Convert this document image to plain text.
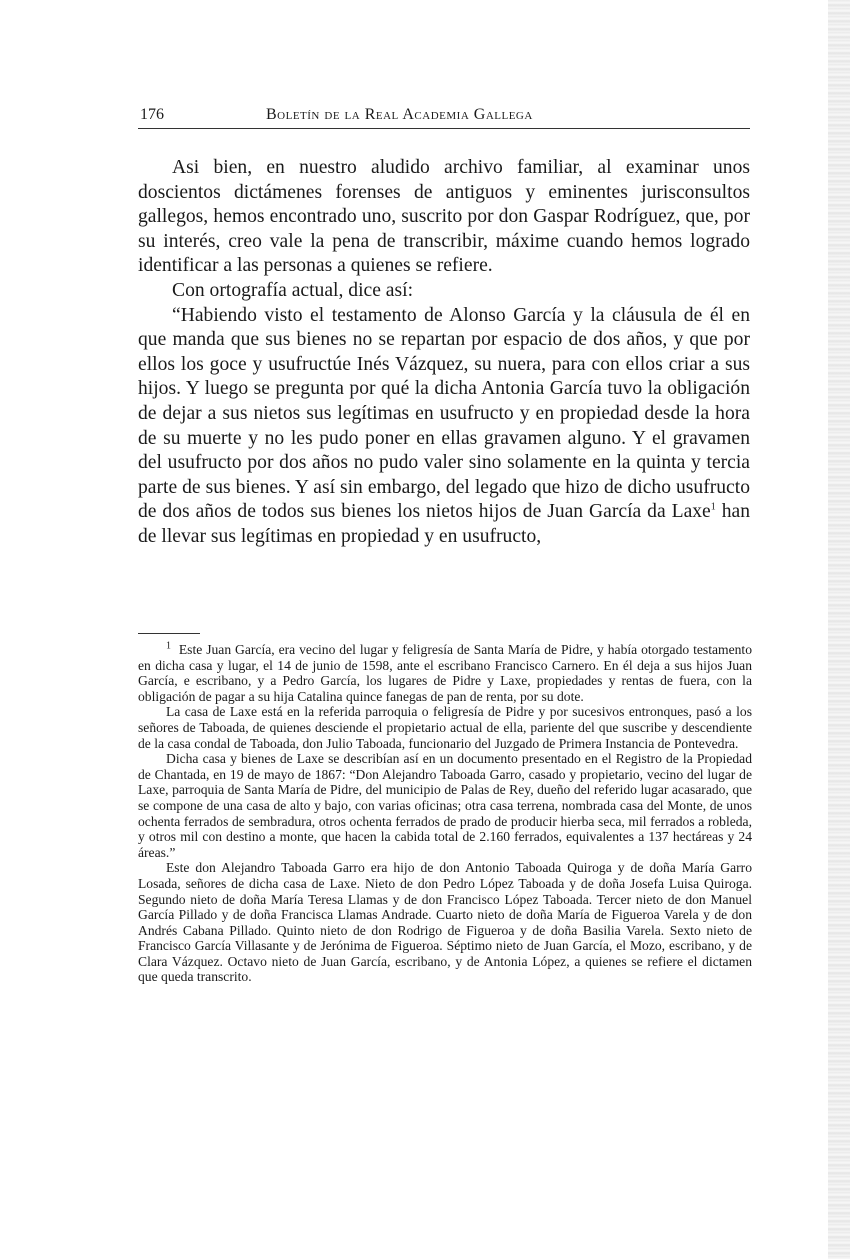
176	Boletín de la Real Academia Gallega

Asi bien, en nuestro aludido archivo familiar, al examinar unos doscientos dictámenes forenses de antiguos y eminentes jurisconsultos gallegos, hemos encontrado uno, suscrito por don Gaspar Rodríguez, que, por su interés, creo vale la pena de transcribir, máxime cuando hemos logrado identificar a las personas a quienes se refiere.

Con ortografía actual, dice así:

“Habiendo visto el testamento de Alonso García y la cláusula de él en que manda que sus bienes no se repartan por espacio de dos años, y que por ellos los goce y usufructúe Inés Vázquez, su nuera, para con ellos criar a sus hijos. Y luego se pregunta por qué la dicha Antonia García tuvo la obligación de dejar a sus nietos sus legítimas en usufructo y en propiedad desde la hora de su muerte y no les pudo poner en ellas gravamen alguno. Y el gravamen del usufructo por dos años no pudo valer sino solamente en la quinta y tercia parte de sus bienes. Y así sin embargo, del legado que hizo de dicho usufructo de dos años de todos sus bienes los nietos hijos de Juan García da Laxe$^1$ han de llevar sus legítimas en propiedad y en usufructo,

$^1$ Este Juan García, era vecino del lugar y feligresía de Santa María de Pidre, y había otorgado testamento en dicha casa y lugar, el 14 de junio de 1598, ante el escribano Francisco Carnero. En él deja a sus hijos Juan García, e escribano, y a Pedro García, los lugares de Pidre y Laxe, propiedades y rentas de fuera, con la obligación de pagar a su hija Catalina quince fanegas de pan de renta, por su dote.

La casa de Laxe está en la referida parroquia o feligresía de Pidre y por sucesivos entronques, pasó a los señores de Taboada, de quienes desciende el propietario actual de ella, pariente del que suscribe y descendiente de la casa condal de Taboada, don Julio Taboada, funcionario del Juzgado de Primera Instancia de Pontevedra.

Dicha casa y bienes de Laxe se describían así en un documento presentado en el Registro de la Propiedad de Chantada, en 19 de mayo de 1867: “Don Alejandro Taboada Garro, casado y propietario, vecino del lugar de Laxe, parroquia de Santa María de Pidre, del municipio de Palas de Rey, dueño del referido lugar acasarado, que se compone de una casa de alto y bajo, con varias oficinas; otra casa terrena, nombrada casa del Monte, de unos ochenta ferrados de sembradura, otros ochenta ferrados de prado de producir hierba seca, mil ferrados a robleda, y otros mil con destino a monte, que hacen la cabida total de 2.160 ferrados, equivalentes a 137 hectáreas y 24 áreas.”

Este don Alejandro Taboada Garro era hijo de don Antonio Taboada Quiroga y de doña María Garro Losada, señores de dicha casa de Laxe. Nieto de don Pedro López Taboada y de doña Josefa Luisa Quiroga. Segundo nieto de doña María Teresa Llamas y de don Francisco López Taboada. Tercer nieto de don Manuel García Pillado y de doña Francisca Llamas Andrade. Cuarto nieto de doña María de Figueroa Varela y de don Andrés Cabana Pillado. Quinto nieto de don Rodrigo de Figueroa y de doña Basilia Varela. Sexto nieto de Francisco García Villasante y de Jerónima de Figueroa. Séptimo nieto de Juan García, el Mozo, escribano, y de Clara Vázquez. Octavo nieto de Juan García, escribano, y de Antonia López, a quienes se refiere el dictamen que queda transcrito.
